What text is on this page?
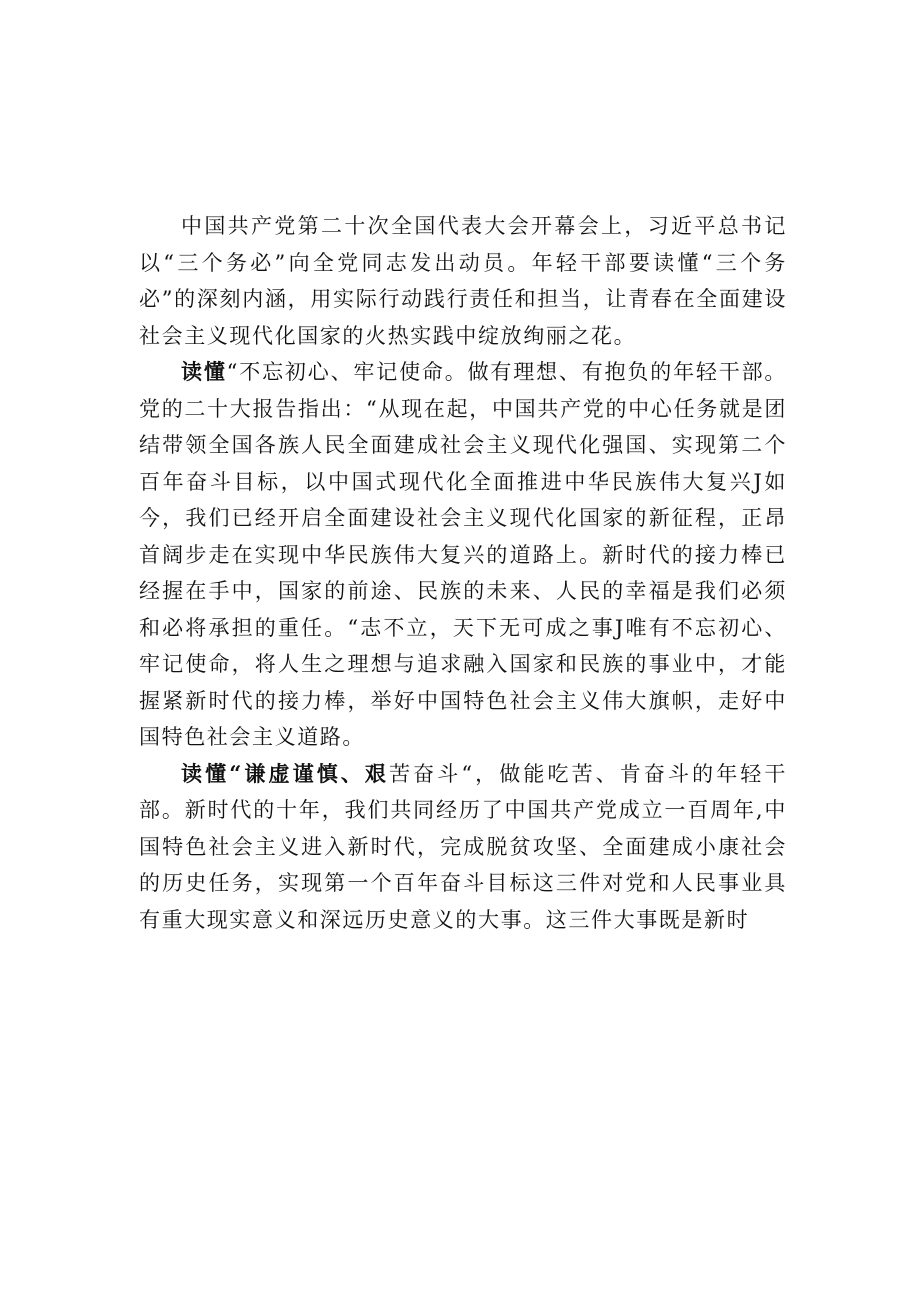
中国共产党第二十次全国代表大会开幕会上，习近平总书记以“三个务必”向全党同志发出动员。年轻干部要读懂“三个务必”的深刻内涵，用实际行动践行责任和担当，让青春在全面建设社会主义现代化国家的火热实践中绽放绚丽之花。

读懂“不忘初心、牢记使命。做有理想、有抱负的年轻干部。党的二十大报告指出：“从现在起，中国共产党的中心任务就是团结带领全国各族人民全面建成社会主义现代化强国、实现第二个百年奋斗目标，以中国式现代化全面推进中华民族伟大复兴J如今，我们已经开启全面建设社会主义现代化国家的新征程，正昂首阔步走在实现中华民族伟大复兴的道路上。新时代的接力棒已经握在手中，国家的前途、民族的未来、人民的幸福是我们必须和必将承担的重任。“志不立，天下无可成之事J唯有不忘初心、牢记使命，将人生之理想与追求融入国家和民族的事业中，才能握紧新时代的接力棒，举好中国特色社会主义伟大旗帜，走好中国特色社会主义道路。

读懂“谦虚谨慎、艰苦奋斗“，做能吃苦、肯奋斗的年轻干部。新时代的十年，我们共同经历了中国共产党成立一百周年,中国特色社会主义进入新时代，完成脱贫攻坚、全面建成小康社会的历史任务，实现第一个百年奋斗目标这三件对党和人民事业具有重大现实意义和深远历史意义的大事。这三件大事既是新时
